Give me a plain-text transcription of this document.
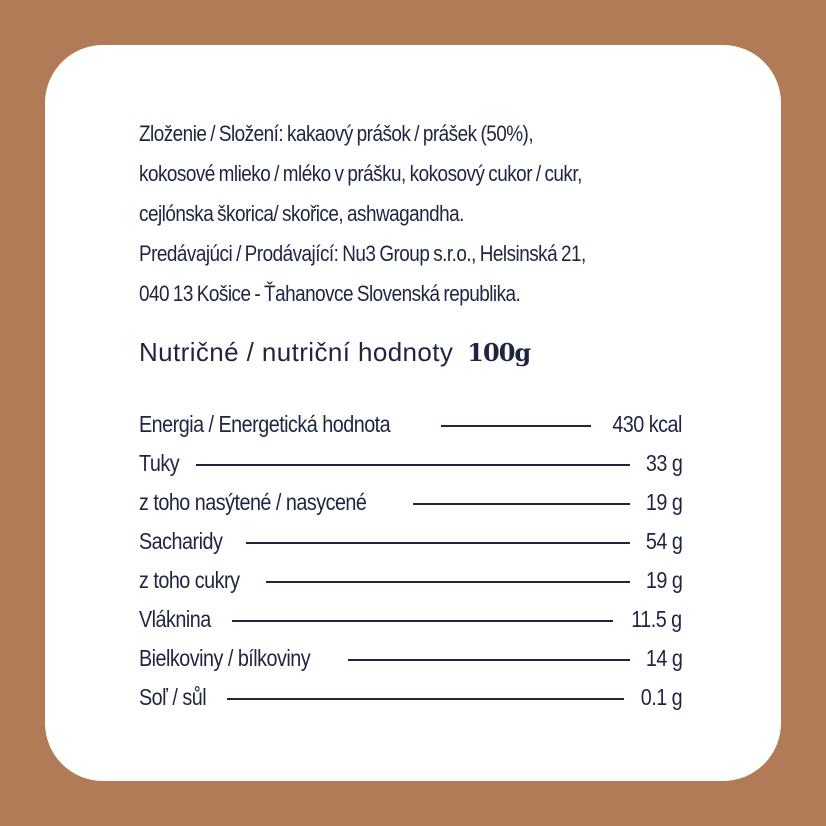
Zloženie / Složení: kakaový prášok / prášek (50%),
kokosové mlieko / mléko v prášku, kokosový cukor / cukr,
cejlónska škorica/ skořice, ashwagandha.
Predávajúci / Prodávající: Nu3 Group s.r.o., Helsinská 21,
040 13 Košice - Ťahanovce Slovenská republika.

Nutričné / nutriční hodnoty 100g
Energia / Energetická hodnota	430 kcal
Tuky	33 g
z toho nasýtené / nasycené	19 g
Sacharidy	54 g
z toho cukry	19 g
Vláknina	11.5 g
Bielkoviny / bílkoviny	14 g
Soľ / sůl	0.1 g
